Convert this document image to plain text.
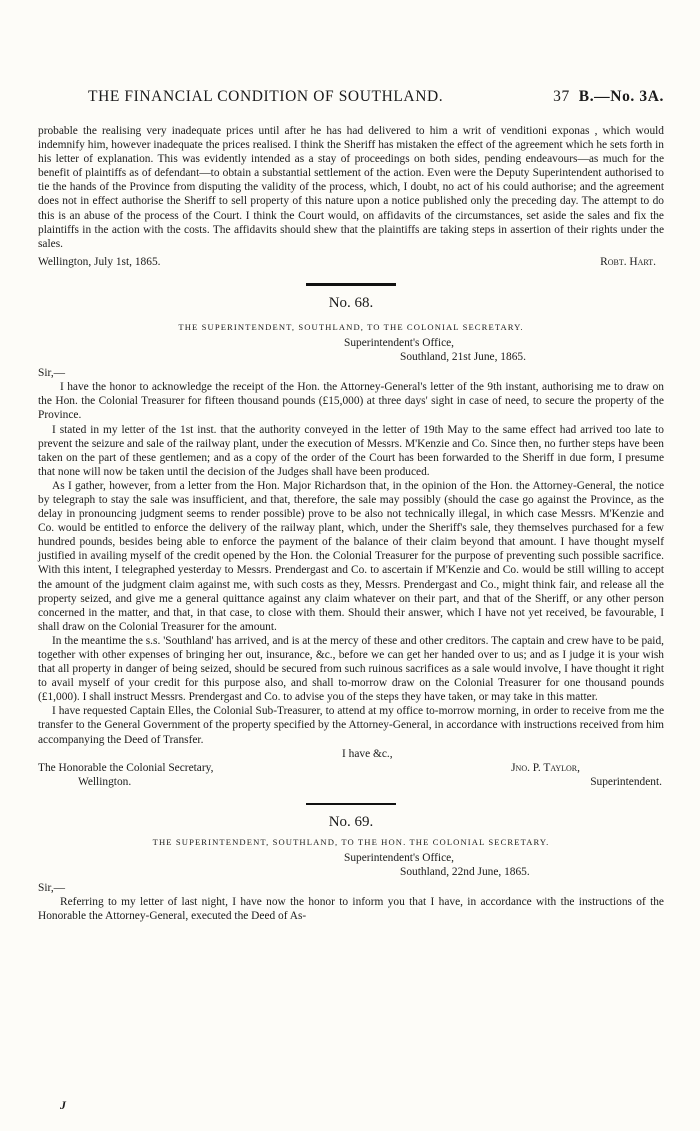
THE FINANCIAL CONDITION OF SOUTHLAND.	37 B.—No. 3A.

probable the realising very inadequate prices until after he has had delivered to him a writ of venditioni exponas , which would indemnify him, however inadequate the prices realised. I think the Sheriff has mistaken the effect of the agreement which he sets forth in his letter of explanation. This was evidently intended as a stay of proceedings on both sides, pending endeavours—as much for the benefit of plaintiffs as of defendant—to obtain a substantial settlement of the action. Even were the Deputy Superintendent authorised to tie the hands of the Province from disputing the validity of the process, which, I doubt, no act of his could authorise; and the agreement does not in effect authorise the Sheriff to sell property of this nature upon a notice published only the preceding day. The attempt to do this is an abuse of the process of the Court. I think the Court would, on affidavits of the circumstances, set aside the sales and fix the plaintiffs in the action with the costs. The affidavits should shew that the plaintiffs are taking steps in assertion of their rights under the sales.

Wellington, July 1st, 1865.	Robt. Hart.
No. 68.
THE SUPERINTENDENT, SOUTHLAND, TO THE COLONIAL SECRETARY.
Superintendent's Office,
Southland, 21st June, 1865.
Sir,—

I have the honor to acknowledge the receipt of the Hon. the Attorney-General's letter of the 9th instant, authorising me to draw on the Hon. the Colonial Treasurer for fifteen thousand pounds (£15,000) at three days' sight in case of need, to secure the property of the Province.

I stated in my letter of the 1st inst. that the authority conveyed in the letter of 19th May to the same effect had arrived too late to prevent the seizure and sale of the railway plant, under the execution of Messrs. M'Kenzie and Co. Since then, no further steps have been taken on the part of these gentlemen; and as a copy of the order of the Court has been forwarded to the Sheriff in due form, I presume that none will now be taken until the decision of the Judges shall have been produced.

As I gather, however, from a letter from the Hon. Major Richardson that, in the opinion of the Hon. the Attorney-General, the notice by telegraph to stay the sale was insufficient, and that, therefore, the sale may possibly (should the case go against the Province, as the delay in pronouncing judgment seems to render possible) prove to be also not technically illegal, in which case Messrs. M'Kenzie and Co. would be entitled to enforce the delivery of the railway plant, which, under the Sheriff's sale, they themselves purchased for a few hundred pounds, besides being able to enforce the payment of the balance of their claim beyond that amount. I have thought myself justified in availing myself of the credit opened by the Hon. the Colonial Treasurer for the purpose of preventing such possible sacrifice. With this intent, I telegraphed yesterday to Messrs. Prendergast and Co. to ascertain if M'Kenzie and Co. would be still willing to accept the amount of the judgment claim against me, with such costs as they, Messrs. Prendergast and Co., might think fair, and release all the property seized, and give me a general quittance against any claim whatever on their part, and that of the Sheriff, or any other person concerned in the matter, and that, in that case, to close with them. Should their answer, which I have not yet received, be favourable, I shall draw on the Colonial Treasurer for the amount.

In the meantime the s.s. 'Southland' has arrived, and is at the mercy of these and other creditors. The captain and crew have to be paid, together with other expenses of bringing her out, insurance, &c., before we can get her handed over to us; and as I judge it is your wish that all property in danger of being seized, should be secured from such ruinous sacrifices as a sale would involve, I have thought it right to avail myself of your credit for this purpose also, and shall to-morrow draw on the Colonial Treasurer for one thousand pounds (£1,000). I shall instruct Messrs. Prendergast and Co. to advise you of the steps they have taken, or may take in this matter.

I have requested Captain Elles, the Colonial Sub-Treasurer, to attend at my office to-morrow morning, in order to receive from me the transfer to the General Government of the property specified by the Attorney-General, in accordance with instructions received from him accompanying the Deed of Transfer.

I have &c.,
The Honorable the Colonial Secretary,	Jno. P. Taylor,
Wellington.	Superintendent.
No. 69.
THE SUPERINTENDENT, SOUTHLAND, TO THE HON. THE COLONIAL SECRETARY.
Superintendent's Office,
Southland, 22nd June, 1865.
Sir,—

Referring to my letter of last night, I have now the honor to inform you that I have, in accordance with the instructions of the Honorable the Attorney-General, executed the Deed of As-

J
